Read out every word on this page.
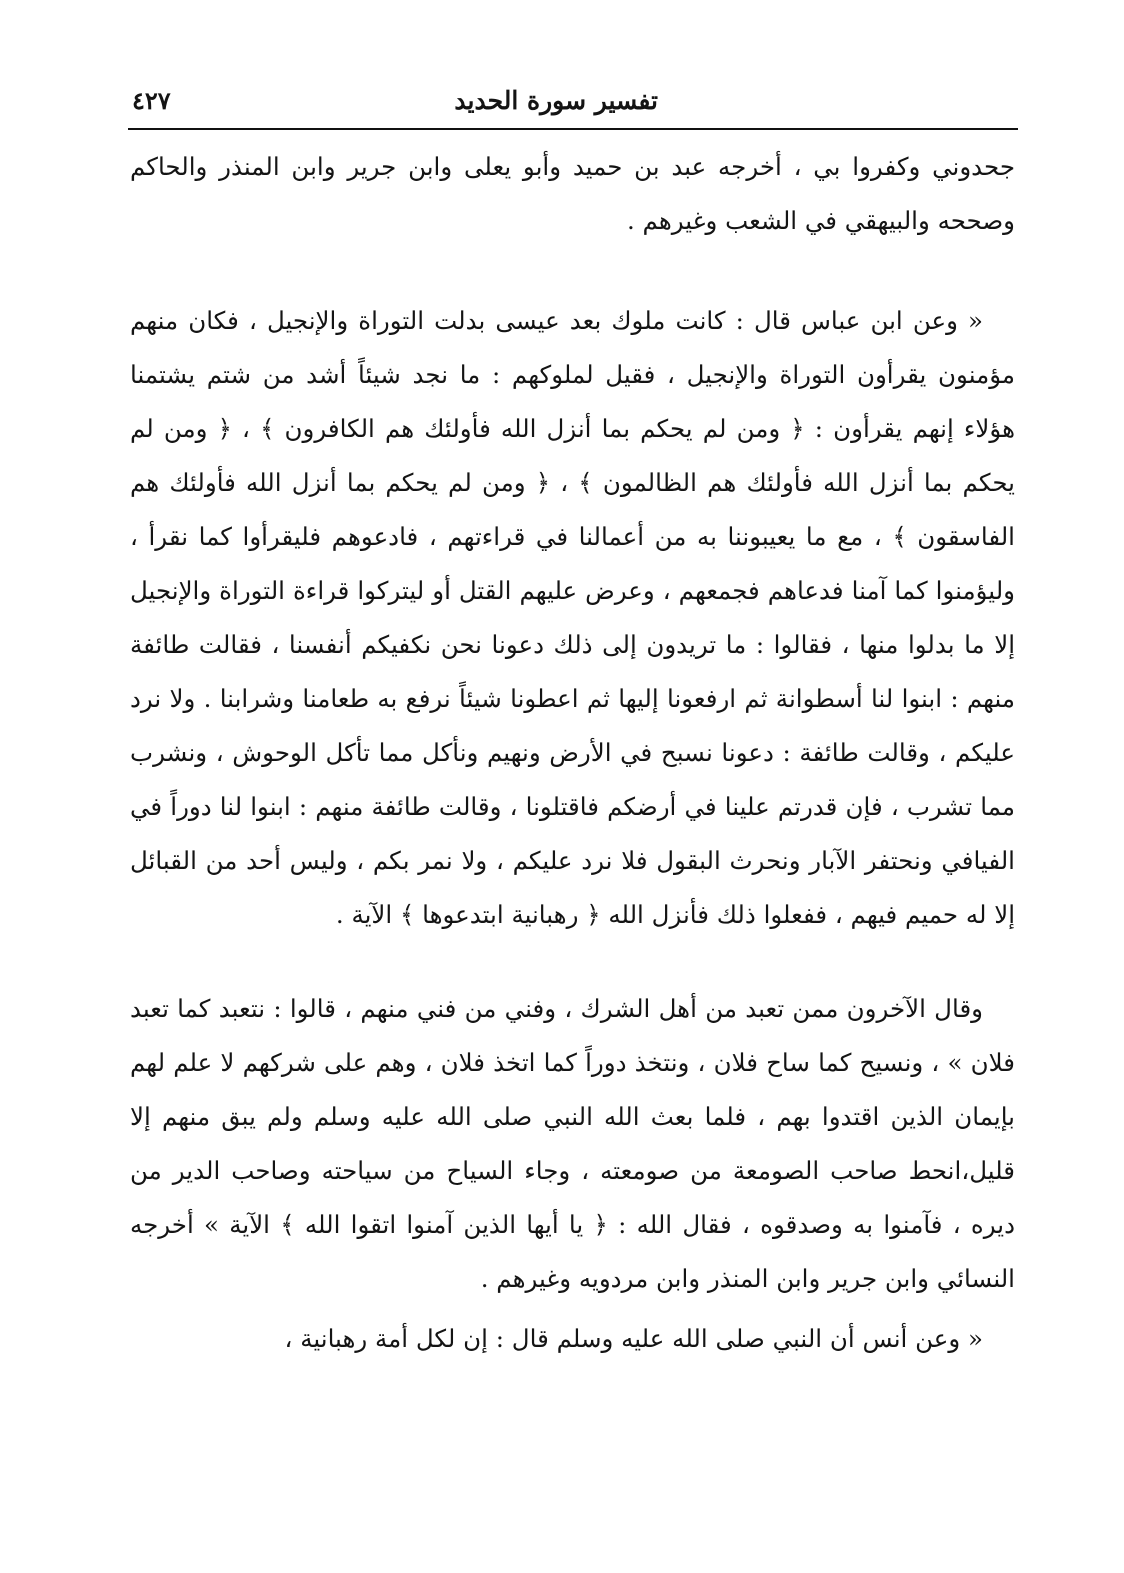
تفسير سورة الحديد
٤٢٧

جحدوني وكفروا بي ، أخرجه عبد بن حميد وأبو يعلى وابن جرير وابن المنذر والحاكم وصححه والبيهقي في الشعب وغيرهم .

« وعن ابن عباس قال : كانت ملوك بعد عيسى بدلت التوراة والإنجيل ، فكان منهم مؤمنون يقرأون التوراة والإنجيل ، فقيل لملوكهم : ما نجد شيئاً أشد من شتم يشتمنا هؤلاء إنهم يقرأون : ﴿ ومن لم يحكم بما أنزل الله فأولئك هم الكافرون ﴾ ، ﴿ ومن لم يحكم بما أنزل الله فأولئك هم الظالمون ﴾ ، ﴿ ومن لم يحكم بما أنزل الله فأولئك هم الفاسقون ﴾ ، مع ما يعيبوننا به من أعمالنا في قراءتهم ، فادعوهم فليقرأوا كما نقرأ ، وليؤمنوا كما آمنا فدعاهم فجمعهم ، وعرض عليهم القتل أو ليتركوا قراءة التوراة والإنجيل إلا ما بدلوا منها ، فقالوا : ما تريدون إلى ذلك دعونا نحن نكفيكم أنفسنا ، فقالت طائفة منهم : ابنوا لنا أسطوانة ثم ارفعونا إليها ثم اعطونا شيئاً نرفع به طعامنا وشرابنا . ولا نرد عليكم ، وقالت طائفة : دعونا نسبح في الأرض ونهيم ونأكل مما تأكل الوحوش ، ونشرب مما تشرب ، فإن قدرتم علينا في أرضكم فاقتلونا ، وقالت طائفة منهم : ابنوا لنا دوراً في الفيافي ونحتفر الآبار ونحرث البقول فلا نرد عليكم ، ولا نمر بكم ، وليس أحد من القبائل إلا له حميم فيهم ، ففعلوا ذلك فأنزل الله ﴿ رهبانية ابتدعوها ﴾ الآية .

وقال الآخرون ممن تعبد من أهل الشرك ، وفني من فني منهم ، قالوا : نتعبد كما تعبد فلان » ، ونسيح كما ساح فلان ، ونتخذ دوراً كما اتخذ فلان ، وهم على شركهم لا علم لهم بإيمان الذين اقتدوا بهم ، فلما بعث الله النبي صلى الله عليه وسلم ولم يبق منهم إلا قليل،انحط صاحب الصومعة من صومعته ، وجاء السياح من سياحته وصاحب الدير من ديره ، فآمنوا به وصدقوه ، فقال الله : ﴿ يا أيها الذين آمنوا اتقوا الله ﴾ الآية » أخرجه النسائي وابن جرير وابن المنذر وابن مردويه وغيرهم .

« وعن أنس أن النبي صلى الله عليه وسلم قال : إن لكل أمة رهبانية ،
